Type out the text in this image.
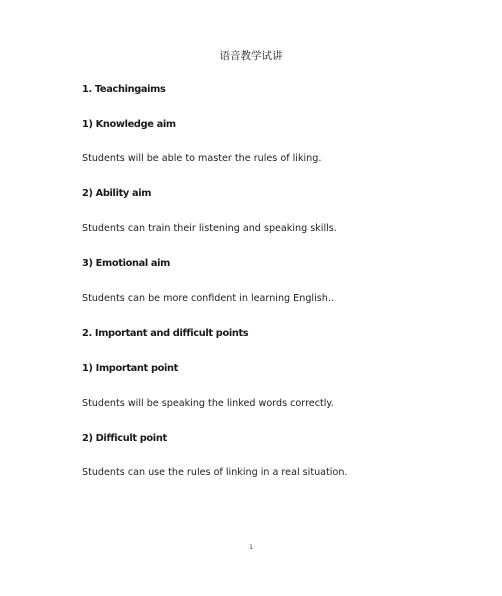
语音教学试讲
1. Teachingaims
1) Knowledge aim
Students will be able to master the rules of liking.
2) Ability aim
Students can train their listening and speaking skills.
3) Emotional aim
Students can be more confident in learning English..
2. Important and difficult points
1) Important point
Students will be speaking the linked words correctly.
2) Difficult point
Students can use the rules of linking in a real situation.
1
